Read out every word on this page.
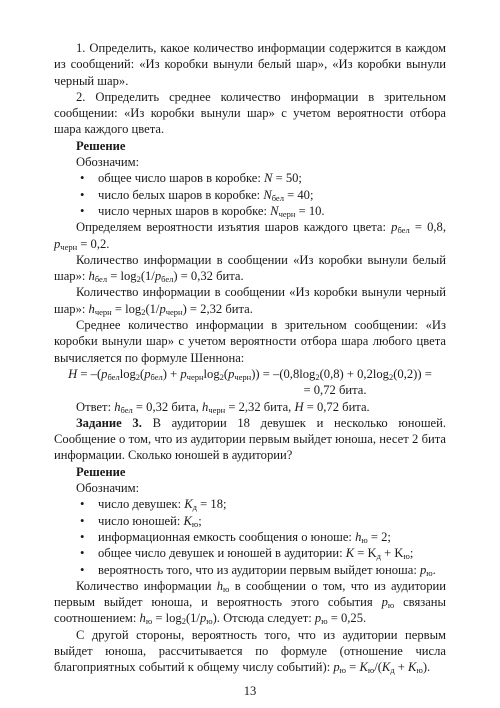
1. Определить, какое количество информации содержится в каждом из сообщений: «Из коробки вынули белый шар», «Из коробки вынули черный шар».

2. Определить среднее количество информации в зрительном сообщении: «Из коробки вынули шар» с учетом вероятности отбора шара каждого цвета.

Решение

Обозначим:

• общее число шаров в коробке: N = 50;
• число белых шаров в коробке: $N_{бел} = 40$;
• число черных шаров в коробке: $N_{черн} = 10$.

Определяем вероятности изъятия шаров каждого цвета: $p_{бел} = 0,8$, $p_{черн} = 0,2$.

Количество информации в сообщении «Из коробки вынули белый шар»: $h_{бел} = \log_2(1/p_{бел}) = 0,32$ бита.

Количество информации в сообщении «Из коробки вынули черный шар»: $h_{черн} = \log_2(1/p_{черн}) = 2,32$ бита.

Среднее количество информации в зрительном сообщении: «Из коробки вынули шар» с учетом вероятности отбора шара любого цвета вычисляется по формуле Шеннона:

$H = -(p_{бел}\log_2(p_{бел}) + p_{черн}\log_2(p_{черн})) = -(0,8\log_2(0,8) + 0,2\log_2(0,2))$ =
= 0,72 бита.

Ответ: $h_{бел} = 0,32$ бита, $h_{черн} = 2,32$ бита, H = 0,72 бита.

Задание 3. В аудитории 18 девушек и несколько юношей. Сообщение о том, что из аудитории первым выйдет юноша, несет 2 бита информации. Сколько юношей в аудитории?

Решение

Обозначим:

• число девушек: $K_д = 18$;
• число юношей: $K_ю$;
• информационная емкость сообщения о юноше: $h_ю = 2$;
• общее число девушек и юношей в аудитории: $K = K_д + K_ю$;
• вероятность того, что из аудитории первым выйдет юноша: $p_ю$.

Количество информации $h_ю$ в сообщении о том, что из аудитории первым выйдет юноша, и вероятность этого события $p_ю$ связаны соотношением: $h_ю = \log_2(1/p_ю)$. Отсюда следует: $p_ю = 0,25$.

С другой стороны, вероятность того, что из аудитории первым выйдет юноша, рассчитывается по формуле (отношение числа благоприятных событий к общему числу событий): $p_ю = K_ю/(K_д + K_ю)$.

13
